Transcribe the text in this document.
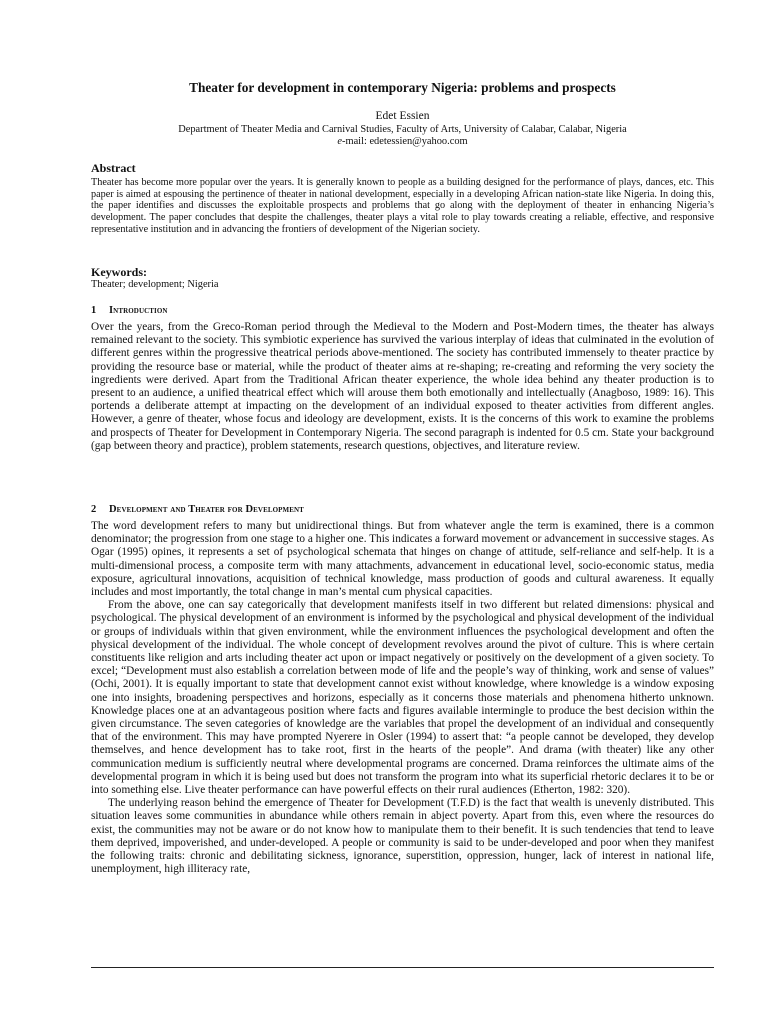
Theater for development in contemporary Nigeria: problems and prospects
Edet Essien
Department of Theater Media and Carnival Studies, Faculty of Arts, University of Calabar, Calabar, Nigeria
e-mail: edetessien@yahoo.com
Abstract
Theater has become more popular over the years. It is generally known to people as a building designed for the performance of plays, dances, etc. This paper is aimed at espousing the pertinence of theater in national development, especially in a developing African nation-state like Nigeria. In doing this, the paper identifies and discusses the exploitable prospects and problems that go along with the deployment of theater in enhancing Nigeria’s development. The paper concludes that despite the challenges, theater plays a vital role to play towards creating a reliable, effective, and responsive representative institution and in advancing the frontiers of development of the Nigerian society.
Keywords:
Theater; development; Nigeria
1 Introduction

Over the years, from the Greco-Roman period through the Medieval to the Modern and Post-Modern times, the theater has always remained relevant to the society. This symbiotic experience has survived the various interplay of ideas that culminated in the evolution of different genres within the progressive theatrical periods above-mentioned. The society has contributed immensely to theater practice by providing the resource base or material, while the product of theater aims at re-shaping; re-creating and reforming the very society the ingredients were derived. Apart from the Traditional African theater experience, the whole idea behind any theater production is to present to an audience, a unified theatrical effect which will arouse them both emotionally and intellectually (Anagboso, 1989: 16). This portends a deliberate attempt at impacting on the development of an individual exposed to theater activities from different angles. However, a genre of theater, whose focus and ideology are development, exists. It is the concerns of this work to examine the problems and prospects of Theater for Development in Contemporary Nigeria. The second paragraph is indented for 0.5 cm. State your background (gap between theory and practice), problem statements, research questions, objectives, and literature review.

2 Development and Theater for Development

The word development refers to many but unidirectional things. But from whatever angle the term is examined, there is a common denominator; the progression from one stage to a higher one. This indicates a forward movement or advancement in successive stages. As Ogar (1995) opines, it represents a set of psychological schemata that hinges on change of attitude, self-reliance and self-help. It is a multi-dimensional process, a composite term with many attachments, advancement in educational level, socio-economic status, media exposure, agricultural innovations, acquisition of technical knowledge, mass production of goods and cultural awareness. It equally includes and most importantly, the total change in man’s mental cum physical capacities.

From the above, one can say categorically that development manifests itself in two different but related dimensions: physical and psychological. The physical development of an environment is informed by the psychological and physical development of the individual or groups of individuals within that given environment, while the environment influences the psychological development and often the physical development of the individual. The whole concept of development revolves around the pivot of culture. This is where certain constituents like religion and arts including theater act upon or impact negatively or positively on the development of a given society. To excel; “Development must also establish a correlation between mode of life and the people’s way of thinking, work and sense of values” (Ochi, 2001). It is equally important to state that development cannot exist without knowledge, where knowledge is a window exposing one into insights, broadening perspectives and horizons, especially as it concerns those materials and phenomena hitherto unknown. Knowledge places one at an advantageous position where facts and figures available intermingle to produce the best decision within the given circumstance. The seven categories of knowledge are the variables that propel the development of an individual and consequently that of the environment. This may have prompted Nyerere in Osler (1994) to assert that: “a people cannot be developed, they develop themselves, and hence development has to take root, first in the hearts of the people”. And drama (with theater) like any other communication medium is sufficiently neutral where developmental programs are concerned. Drama reinforces the ultimate aims of the developmental program in which it is being used but does not transform the program into what its superficial rhetoric declares it to be or into something else. Live theater performance can have powerful effects on their rural audiences (Etherton, 1982: 320).

The underlying reason behind the emergence of Theater for Development (T.F.D) is the fact that wealth is unevenly distributed. This situation leaves some communities in abundance while others remain in abject poverty. Apart from this, even where the resources do exist, the communities may not be aware or do not know how to manipulate them to their benefit. It is such tendencies that tend to leave them deprived, impoverished, and under-developed. A people or community is said to be under-developed and poor when they manifest the following traits: chronic and debilitating sickness, ignorance, superstition, oppression, hunger, lack of interest in national life, unemployment, high illiteracy rate,
